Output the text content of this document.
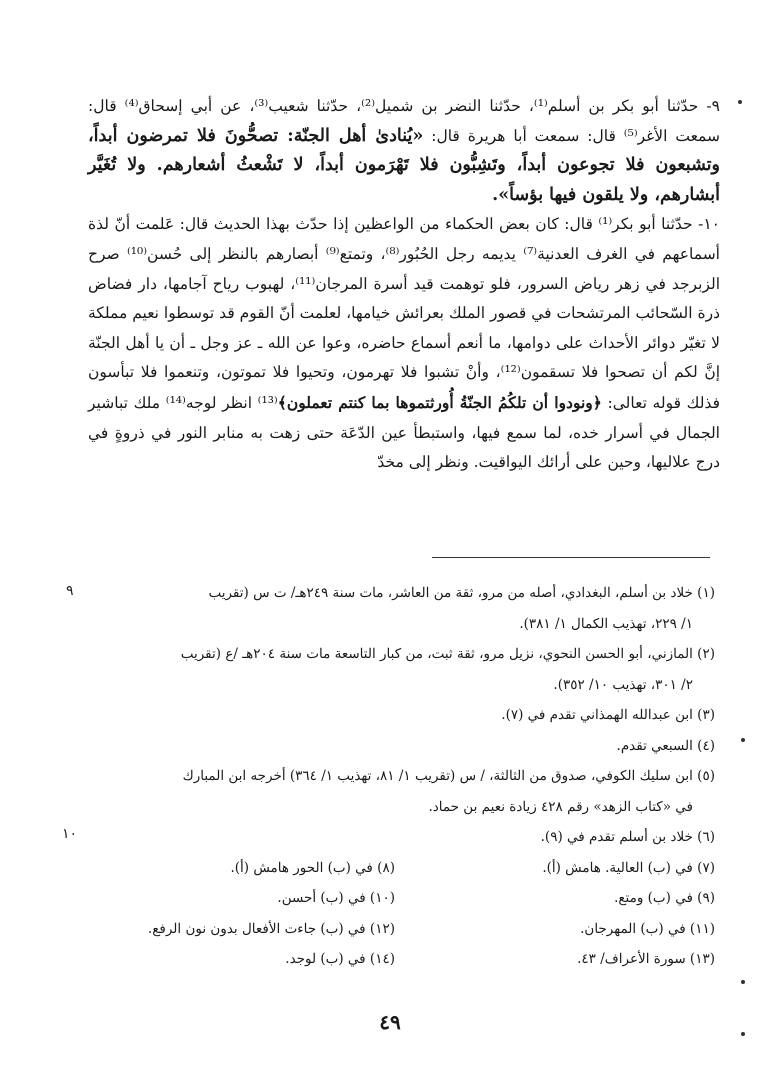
٩- حدّثنا أبو بكر بن أسلم⁽¹⁾، حدّثنا النضر بن شميل⁽²⁾، حدّثنا شعيب⁽³⁾، عن أبي إسحاق⁽⁴⁾ قال: سمعت الأغر⁽⁵⁾ قال: سمعت أبا هريرة قال: «يُنادىٰ أهل الجنّة: تصحُّونَ فلا تمرضون أبداً، وتشبعون فلا تجوعون أبداً، وتَشِبُّون فلا تَهْرَمون أبداً، لا تَشْعثُ أشعارهم. ولا تُغَيَّر أبشارهم، ولا يلقون فيها بؤساً».

١٠- حدّثنا أبو بكر⁽¹⁾ قال: كان بعض الحكماء من الواعظين إذا حدّث بهذا الحديث قال: عَلمت أنّ لذة أسماعهم في الغرف العدنية⁽⁷⁾ يديمه رجل الحُبُور⁽⁸⁾، وتمتع⁽⁹⁾ أبصارهم بالنظر إلى حُسن⁽¹⁰⁾ صرح الزبرجد في زهر رياض السرور، فلو توهمت قيد أسرة المرجان⁽¹¹⁾، لهبوب رياح آجامها، دار فضاض ذرة السّحائب المرتشحات في قصور الملك بعرائش خيامها، لعلمت أنّ القوم قد توسطوا نعيم مملكة لا تغيّر دوائر الأحداث على دوامها، ما أنعم أسماع حاضره، وعوا عن الله ـ عز وجل ـ أن يا أهل الجنّة إنَّ لكم أن تصحوا فلا تسقمون⁽¹²⁾، وأنْ تشبوا فلا تهرمون، وتحيوا فلا تموتون، وتنعموا فلا تبأسون فذلك قوله تعالى: ﴿ونودوا أن تلكُمُ الجنّةُ أُورثتموها بما كنتم تعملون﴾⁽¹³⁾ انظر لوجه⁽¹⁴⁾ ملك تباشير الجمال في أسرار خده، لما سمع فيها، واستبطأ عين الدّعَة حتى زهت به منابر النور في ذروةٍ في درج علاليها، وحين على أرائك اليواقيت. ونظر إلى مخدّ

(١) خلاد بن أسلم، البغدادي، أصله من مرو، ثقة من العاشر، مات سنة ٢٤٩هـ/ ت س (تقريب

١/ ٢٢٩، تهذيب الكمال ١/ ٣٨١).

(٢) المازني، أبو الحسن النحوي، نزيل مرو، ثقة ثبت، من كبار التاسعة مات سنة ٢٠٤هـ /ع (تقريب

٢/ ٣٠١، تهذيب ١٠/ ٣٥٢).

(٣) ابن عبدالله الهمذاني تقدم في (٧).

(٤) السبعي تقدم.

(٥) ابن سليك الكوفي، صدوق من الثالثة، / س (تقريب ١/ ٨١، تهذيب ١/ ٣٦٤) أخرجه ابن المبارك

في «كتاب الزهد» رقم ٤٢٨ زيادة نعيم بن حماد.

(٦) خلاد بن أسلم تقدم في (٩).

(٧) في (ب) العالية. هامش (أ).

(٨) في (ب) الحور هامش (أ).

(٩) في (ب) ومتع.

(١٠) في (ب) أحسن.

(١١) في (ب) المهرجان.

(١٢) في (ب) جاءت الأفعال بدون نون الرفع.

(١٣) سورة الأعراف/ ٤٣.

(١٤) في (ب) لوجد.

٩
١٠
٤٩
